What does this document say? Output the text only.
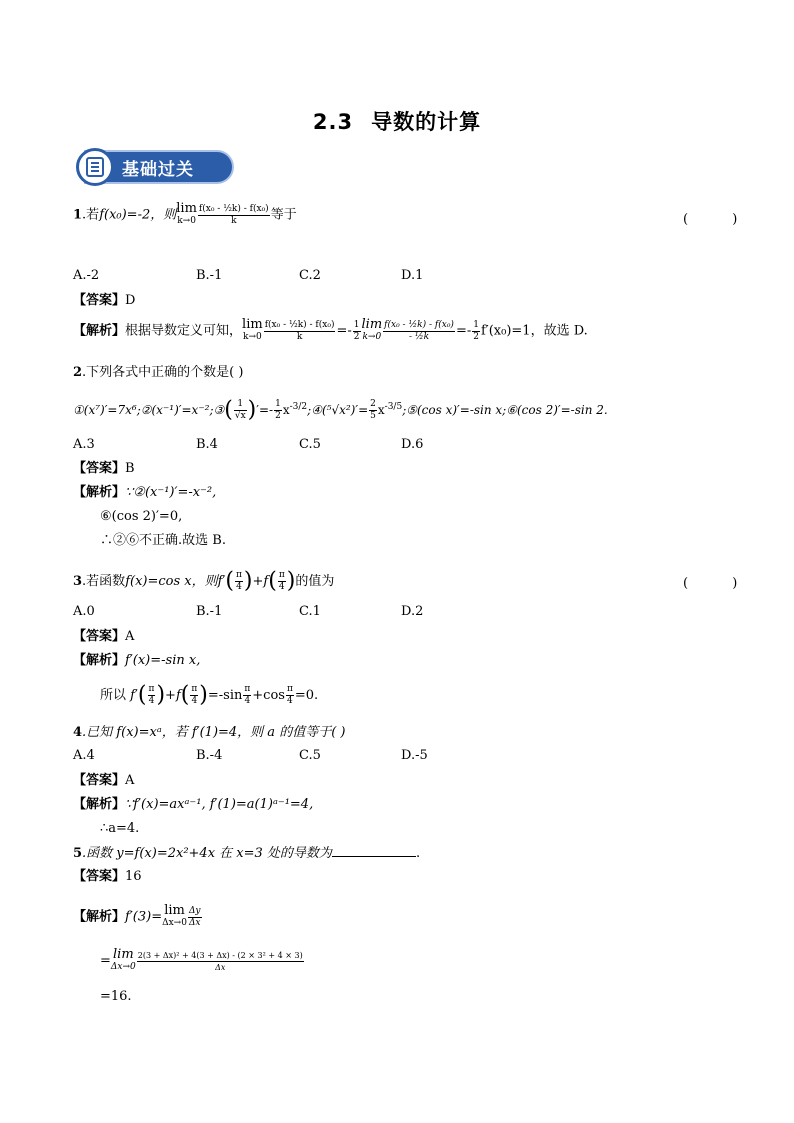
2.3 导数的计算
基础过关
1.若f(x₀)=-2，则lim
$k\to 0 \frac{\text{f(x₀ - ½k) - f(x₀)}}{k}$ 等于	( )
A.-2	B.-1	C.2	D.1
【答案】D
【解析】根据导数定义可知，lim
$k\to 0 \frac{\text{f(x₀ - ½k) - f(x₀)}}{k} =- \frac{1}{2}$ lim
$k\to 0 \frac{\text{f(x₀ - ½k) - f(x₀)}}{\text{- ½k}} =- \frac{1}{2} f'(x_0)=1$，故选 D.
2.下列各式中正确的个数是( )
①(x⁷)′=7x⁶;②(x⁻¹)′=x⁻²;③( $\frac{1}{√x}$ )′=- $\frac{1}{2}$ $x^{-3/2};④(^5√x^2)'= \frac{2}{5}$ $x^{-3/5};⑤(\cos$ x)′=-sin x;⑥(cos 2)′=-sin 2.
A.3	B.4	C.5	D.6
【答案】B
【解析】∵②(x⁻¹)′=-x⁻²,
⑥(cos 2)′=0,
∴②⑥不正确.故选 B.
3.若函数f(x)=cos x，则$f'( \frac{\pi}{4} )+f( \frac{\pi}{4}$ )的值为	( )
A.0	B.-1	C.1	D.2
【答案】A
【解析】f′(x)=-sin x,
所以 $f'( \frac{\pi}{4} )+f( \frac{\pi}{4} )=-\sin \frac{\pi}{4} +\cos \frac{\pi}{4} =0$.
4.已知 f(x)=xᵃ，若 f′(1)=4，则 a 的值等于( )
A.4	B.-4	C.5	D.-5
【答案】A
【解析】∵f′(x)=axᵃ⁻¹, f′(1)=a(1)ᵃ⁻¹=4,
∴a=4.
5.函数 y=f(x)=2x²+4x 在 x=3 处的导数为	.
【答案】16
【解析】f′(3)= lim
$\Delta x\to 0 \frac{\Delta y}{\Delta x}$
= lim
$\Delta x\to 0 \frac{\text{2(3 + Δx)² + 4(3 + Δx) - (2 × 3² + 4 × 3)}}{\Delta x}$
=16.
